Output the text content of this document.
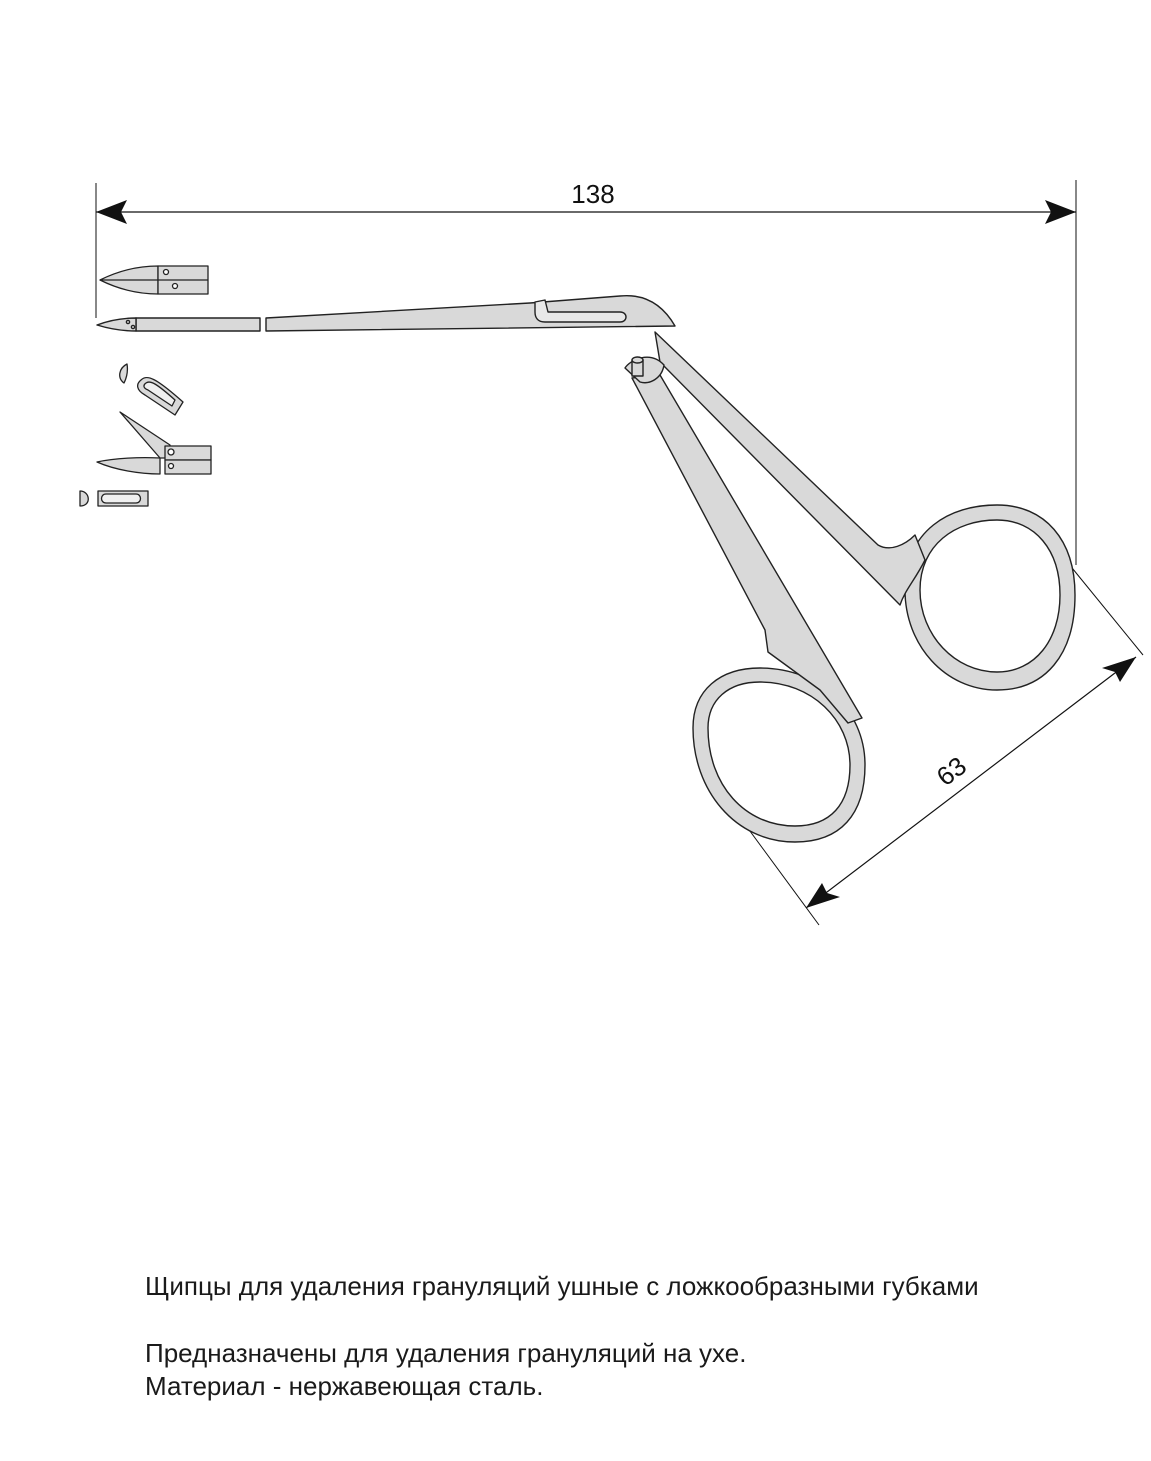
138
63
Щипцы для удаления грануляций ушные с ложкообразными губками
Предназначены для удаления грануляций на ухе.
Материал - нержавеющая сталь.
